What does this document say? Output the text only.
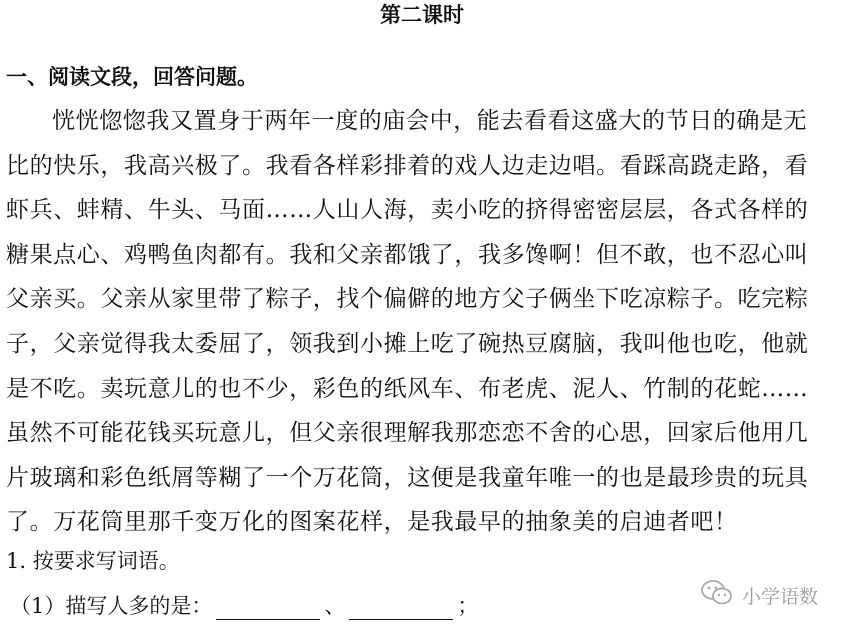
第二课时
一、阅读文段，回答问题。
恍恍惚惚我又置身于两年一度的庙会中，能去看看这盛大的节日的确是无
比的快乐，我高兴极了。我看各样彩排着的戏人边走边唱。看踩高跷走路，看
虾兵、蚌精、牛头、马面……人山人海，卖小吃的挤得密密层层，各式各样的
糖果点心、鸡鸭鱼肉都有。我和父亲都饿了，我多馋啊！但不敢，也不忍心叫
父亲买。父亲从家里带了粽子，找个偏僻的地方父子俩坐下吃凉粽子。吃完粽
子，父亲觉得我太委屈了，领我到小摊上吃了碗热豆腐脑，我叫他也吃，他就
是不吃。卖玩意儿的也不少，彩色的纸风车、布老虎、泥人、竹制的花蛇……
虽然不可能花钱买玩意儿，但父亲很理解我那恋恋不舍的心思，回家后他用几
片玻璃和彩色纸屑等糊了一个万花筒，这便是我童年唯一的也是最珍贵的玩具
了。万花筒里那千变万化的图案花样，是我最早的抽象美的启迪者吧！
1. 按要求写词语。
（1）描写人多的是：	、	；	小学语数
